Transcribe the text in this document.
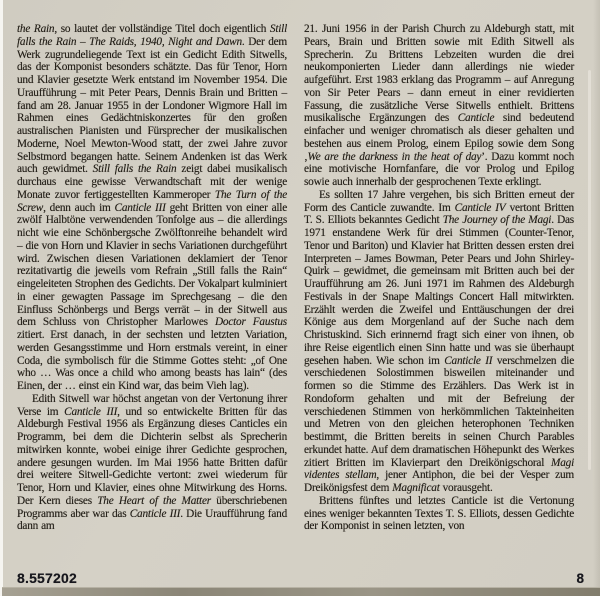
the Rain, so lautet der vollständige Titel doch eigentlich Still falls the Rain – The Raids, 1940, Night and Dawn. Der dem Werk zugrundeliegende Text ist ein Gedicht Edith Sitwells, das der Komponist besonders schätzte. Das für Tenor, Horn und Klavier gesetzte Werk entstand im November 1954. Die Uraufführung – mit Peter Pears, Dennis Brain und Britten – fand am 28. Januar 1955 in der Londoner Wigmore Hall im Rahmen eines Gedächtniskonzertes für den großen australischen Pianisten und Fürsprecher der musikalischen Moderne, Noel Mewton-Wood statt, der zwei Jahre zuvor Selbstmord begangen hatte. Seinem Andenken ist das Werk auch gewidmet. Still falls the Rain zeigt dabei musikalisch durchaus eine gewisse Verwandtschaft mit der wenige Monate zuvor fertiggestellten Kammeroper The Turn of the Screw, denn auch im Canticle III geht Britten von einer alle zwölf Halbtöne verwendenden Tonfolge aus – die allerdings nicht wie eine Schönbergsche Zwölftonreihe behandelt wird – die von Horn und Klavier in sechs Variationen durchgeführt wird. Zwischen diesen Variationen deklamiert der Tenor rezitativartig die jeweils vom Refrain „Still falls the Rain“ eingeleiteten Strophen des Gedichts. Der Vokalpart kulminiert in einer gewagten Passage im Sprechgesang – die den Einfluss Schönbergs und Bergs verrät – in der Sitwell aus dem Schluss von Christopher Marlowes Doctor Faustus zitiert. Erst danach, in der sechsten und letzten Variation, werden Gesangsstimme und Horn erstmals vereint, in einer Coda, die symbolisch für die Stimme Gottes steht: „of One who … Was once a child who among beasts has lain“ (des Einen, der … einst ein Kind war, das beim Vieh lag).

Edith Sitwell war höchst angetan von der Vertonung ihrer Verse im Canticle III, und so entwickelte Britten für das Aldeburgh Festival 1956 als Ergänzung dieses Canticles ein Programm, bei dem die Dichterin selbst als Sprecherin mitwirken konnte, wobei einige ihrer Gedichte gesprochen, andere gesungen wurden. Im Mai 1956 hatte Britten dafür drei weitere Sitwell-Gedichte vertont: zwei wiederum für Tenor, Horn und Klavier, eines ohne Mitwirkung des Horns. Der Kern dieses The Heart of the Matter überschriebenen Programms aber war das Canticle III. Die Uraufführung fand dann am

21. Juni 1956 in der Parish Church zu Aldeburgh statt, mit Pears, Brain und Britten sowie mit Edith Sitwell als Sprecherin. Zu Brittens Lebzeiten wurden die drei neukomponierten Lieder dann allerdings nie wieder aufgeführt. Erst 1983 erklang das Programm – auf Anregung von Sir Peter Pears – dann erneut in einer revidierten Fassung, die zusätzliche Verse Sitwells enthielt. Brittens musikalische Ergänzungen des Canticle sind bedeutend einfacher und weniger chromatisch als dieser gehalten und bestehen aus einem Prolog, einem Epilog sowie dem Song ‚We are the darkness in the heat of day’. Dazu kommt noch eine motivische Hornfanfare, die vor Prolog und Epilog sowie auch innerhalb der gesprochenen Texte erklingt.

Es sollten 17 Jahre vergehen, bis sich Britten erneut der Form des Canticle zuwandte. Im Canticle IV vertont Britten T. S. Elliots bekanntes Gedicht The Journey of the Magi. Das 1971 enstandene Werk für drei Stimmen (Counter-Tenor, Tenor und Bariton) und Klavier hat Britten dessen ersten drei Interpreten – James Bowman, Peter Pears und John Shirley-Quirk – gewidmet, die gemeinsam mit Britten auch bei der Uraufführung am 26. Juni 1971 im Rahmen des Aldeburgh Festivals in der Snape Maltings Concert Hall mitwirkten. Erzählt werden die Zweifel und Enttäuschungen der drei Könige aus dem Morgenland auf der Suche nach dem Christuskind. Sich erinnernd fragt sich einer von ihnen, ob ihre Reise eigentlich einen Sinn hatte und was sie überhaupt gesehen haben. Wie schon im Canticle II verschmelzen die verschiedenen Solostimmen bisweilen miteinander und formen so die Stimme des Erzählers. Das Werk ist in Rondoform gehalten und mit der Befreiung der verschiedenen Stimmen von herkömmlichen Takteinheiten und Metren von den gleichen heterophonen Techniken bestimmt, die Britten bereits in seinen Church Parables erkundet hatte. Auf dem dramatischen Höhepunkt des Werkes zitiert Britten im Klavierpart den Dreikönigschoral Magi videntes stellam, jener Antiphon, die bei der Vesper zum Dreikönigsfest dem Magnificat vorausgeht.

Brittens fünftes und letztes Canticle ist die Vertonung eines weniger bekannten Textes T. S. Elliots, dessen Gedichte der Komponist in seinen letzten, von

8.557202	8
